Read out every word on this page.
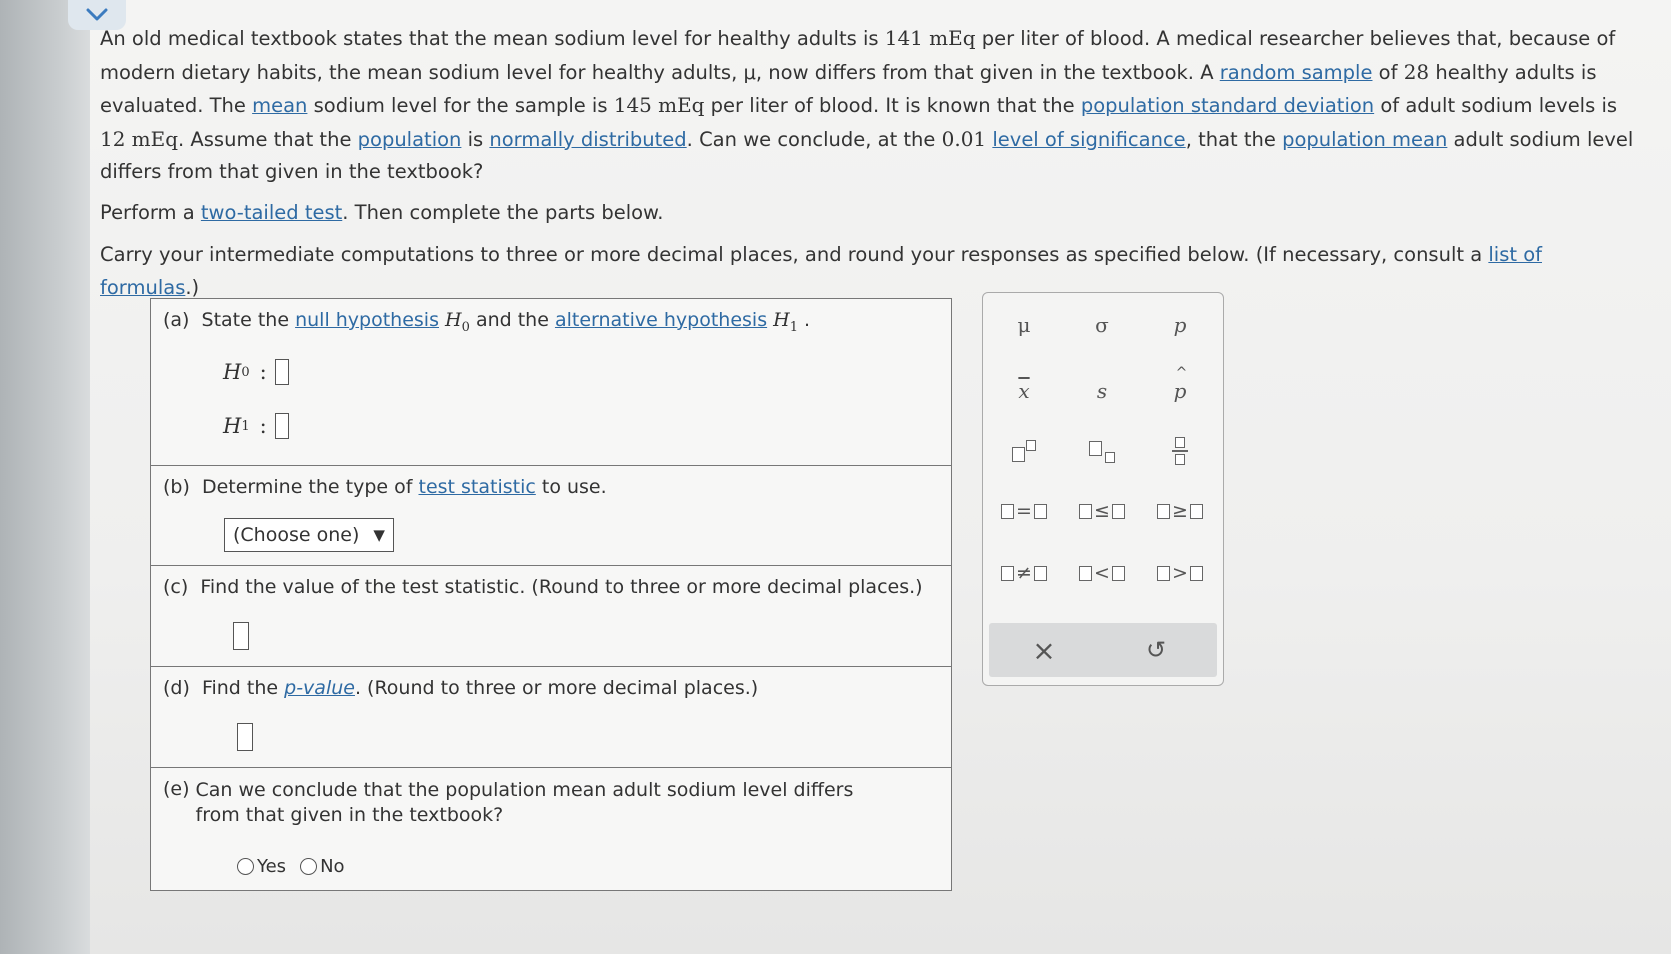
An old medical textbook states that the mean sodium level for healthy adults is 141 mEq per liter of blood. A medical researcher believes that, because of modern dietary habits, the mean sodium level for healthy adults, μ, now differs from that given in the textbook. A random sample of 28 healthy adults is evaluated. The mean sodium level for the sample is 145 mEq per liter of blood. It is known that the population standard deviation of adult sodium levels is 12 mEq. Assume that the population is normally distributed. Can we conclude, at the 0.01 level of significance, that the population mean adult sodium level differs from that given in the textbook?

Perform a two-tailed test. Then complete the parts below.

Carry your intermediate computations to three or more decimal places, and round your responses as specified below. (If necessary, consult a list of formulas.)

(a) State the null hypothesis $H_0$ and the alternative hypothesis $H_1$ .
H 0 :
H 1 :
(b) Determine the type of test statistic to use.
(Choose one) ▼
(c) Find the value of the test statistic. (Round to three or more decimal places.)
(d) Find the p-value. (Round to three or more decimal places.)
(e) Can we conclude that the population mean adult sodium level differs from that given in the textbook?
Yes No
μ	σ	p
$\overline{x}$	s
^
p
=	≤	≥
≠	<	>
×	↺
